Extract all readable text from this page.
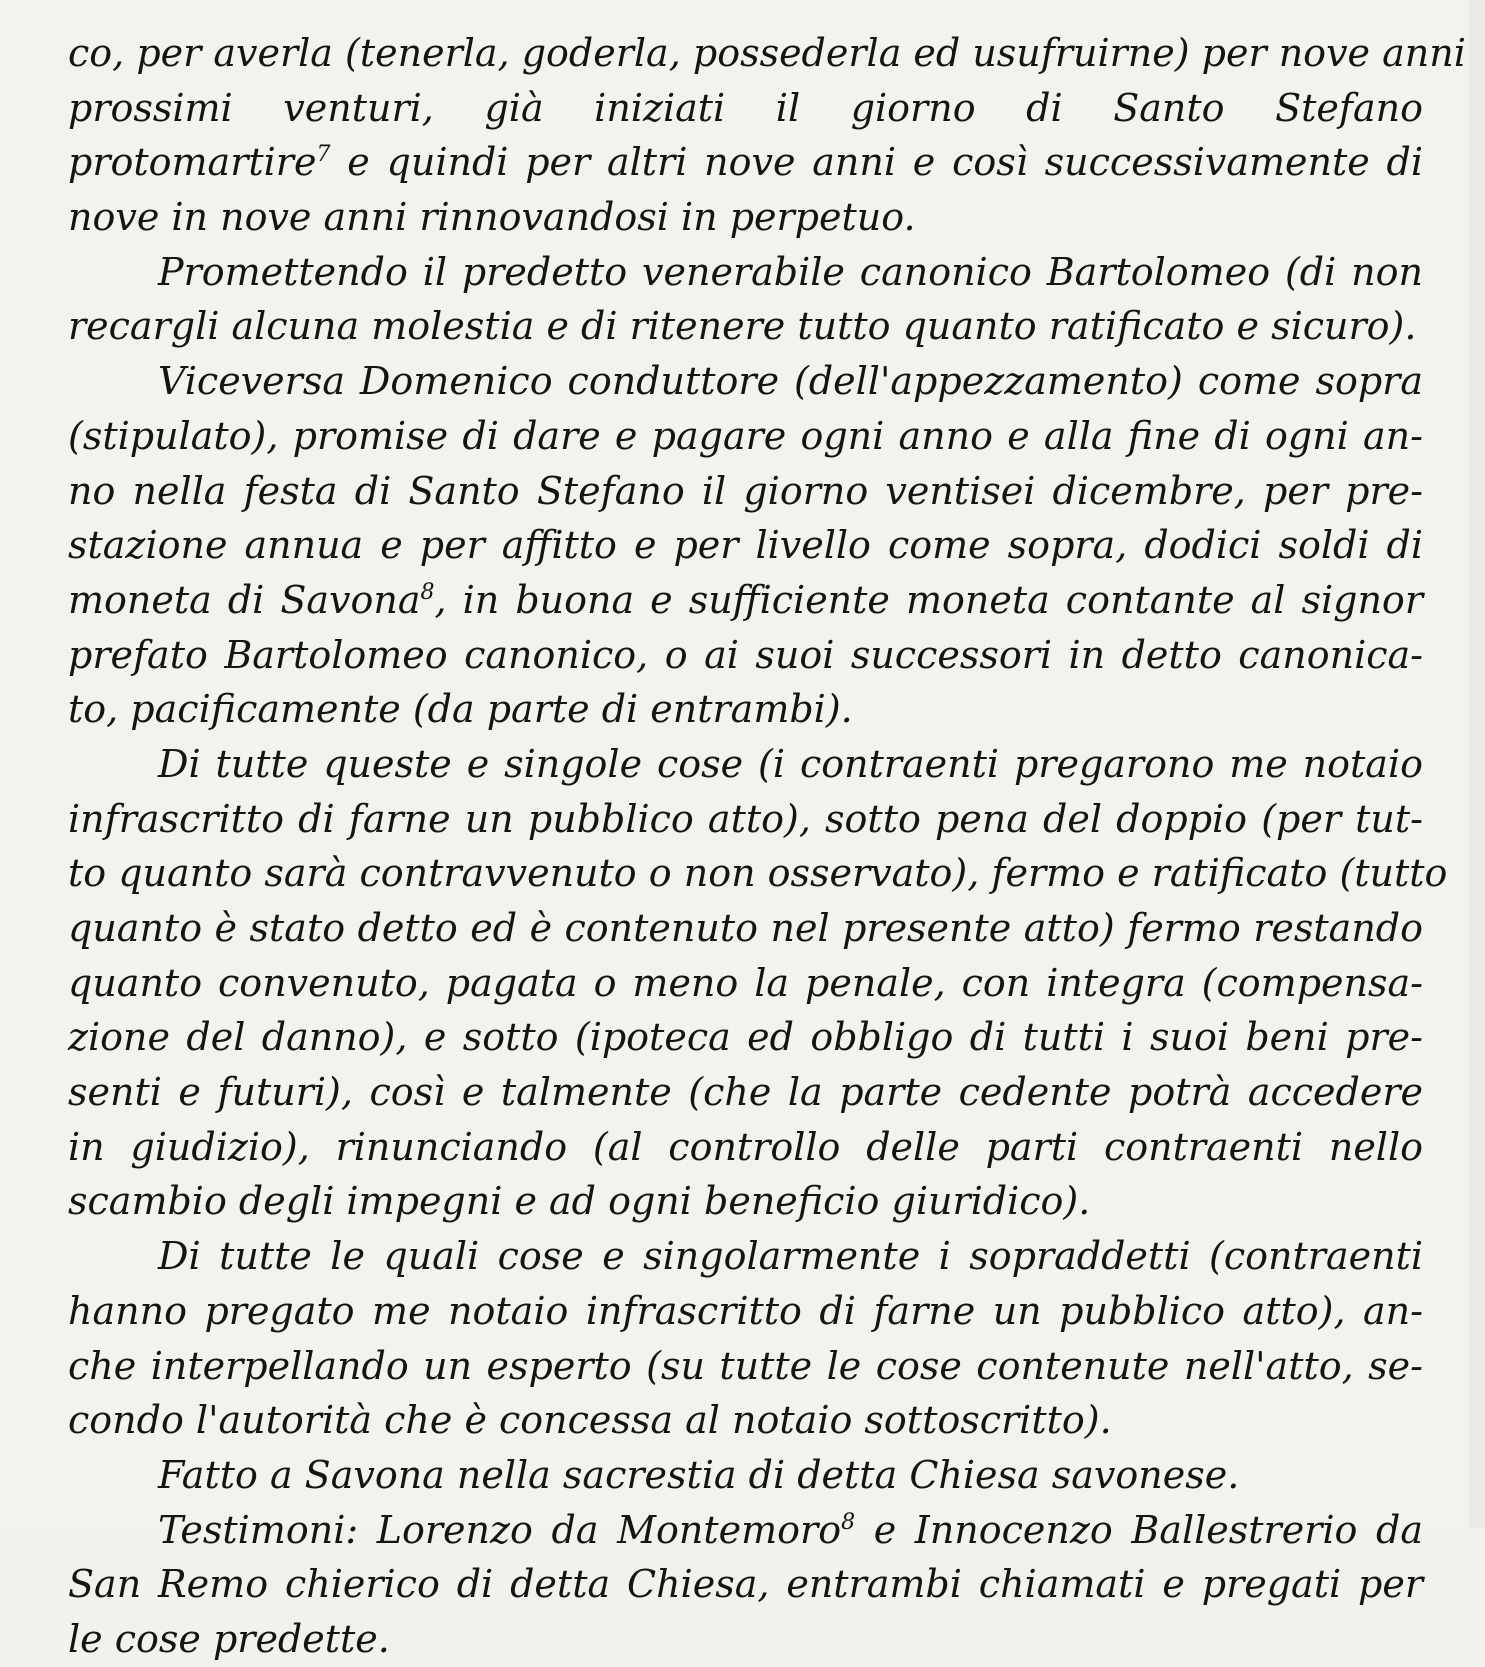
co, per averla (tenerla, goderla, possederla ed usufruirne) per nove anni
prossimi venturi, già iniziati il giorno di Santo Stefano
protomartire$^7$ e quindi per altri nove anni e così successivamente di
nove in nove anni rinnovandosi in perpetuo.
Promettendo il predetto venerabile canonico Bartolomeo (di non
recargli alcuna molestia e di ritenere tutto quanto ratificato e sicuro).
Viceversa Domenico conduttore (dell'appezzamento) come sopra
(stipulato), promise di dare e pagare ogni anno e alla fine di ogni an-
no nella festa di Santo Stefano il giorno ventisei dicembre, per pre-
stazione annua e per affitto e per livello come sopra, dodici soldi di
moneta di Savona$^8$, in buona e sufficiente moneta contante al signor
prefato Bartolomeo canonico, o ai suoi successori in detto canonica-
to, pacificamente (da parte di entrambi).
Di tutte queste e singole cose (i contraenti pregarono me notaio
infrascritto di farne un pubblico atto), sotto pena del doppio (per tut-
to quanto sarà contravvenuto o non osservato), fermo e ratificato (tutto
quanto è stato detto ed è contenuto nel presente atto) fermo restando
quanto convenuto, pagata o meno la penale, con integra (compensa-
zione del danno), e sotto (ipoteca ed obbligo di tutti i suoi beni pre-
senti e futuri), così e talmente (che la parte cedente potrà accedere
in giudizio), rinunciando (al controllo delle parti contraenti nello
scambio degli impegni e ad ogni beneficio giuridico).
Di tutte le quali cose e singolarmente i sopraddetti (contraenti
hanno pregato me notaio infrascritto di farne un pubblico atto), an-
che interpellando un esperto (su tutte le cose contenute nell'atto, se-
condo l'autorità che è concessa al notaio sottoscritto).
Fatto a Savona nella sacrestia di detta Chiesa savonese.
Testimoni: Lorenzo da Montemoro$^8$ e Innocenzo Ballestrerio da
San Remo chierico di detta Chiesa, entrambi chiamati e pregati per
le cose predette.
